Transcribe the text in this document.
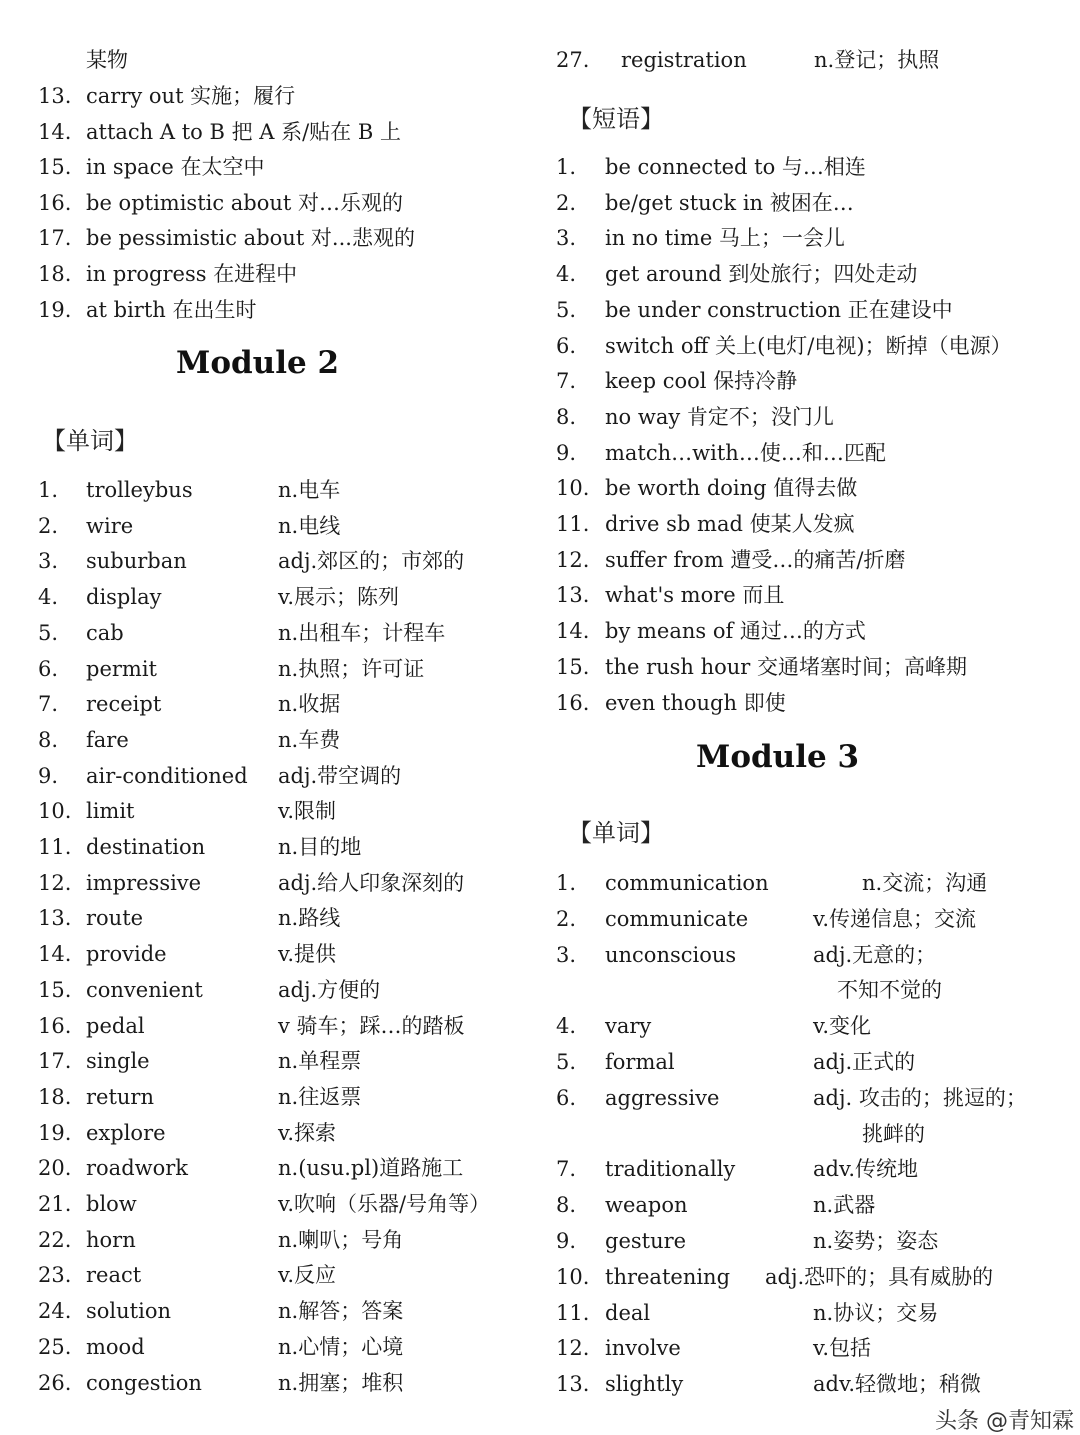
某物
13. carry out 实施；履行
14. attach A to B 把 A 系/贴在 B 上
15. in space 在太空中
16. be optimistic about 对…乐观的
17. be pessimistic about 对...悲观的
18. in progress 在进程中
19. at birth 在出生时
Module 2
【单词】
1. trolleybus	n.电车
2. wire	n.电线
3. suburban	adj.郊区的；市郊的
4. display	v.展示；陈列
5. cab	n.出租车；计程车
6. permit	n.执照；许可证
7. receipt	n.收据
8. fare	n.车费
9. air-conditioned adj.带空调的
10. limit	v.限制
11. destination	n.目的地
12. impressive	adj.给人印象深刻的
13. route	n.路线
14. provide	v.提供
15. convenient	adj.方便的
16. pedal	v 骑车；踩…的踏板
17. single	n.单程票
18. return	n.往返票
19. explore	v.探索
20. roadwork	n.(usu.pl)道路施工
21. blow	v.吹响（乐器/号角等）
22. horn	n.喇叭；号角
23. react	v.反应
24. solution	n.解答；答案
25. mood	n.心情；心境
26. congestion	n.拥塞；堆积
27. registration	n.登记；执照
【短语】
1. be connected to 与…相连
2. be/get stuck in 被困在…
3. in no time 马上；一会儿
4. get around 到处旅行；四处走动
5. be under construction 正在建设中
6. switch off 关上(电灯/电视)；断掉（电源）
7. keep cool 保持冷静
8. no way 肯定不；没门儿
9. match…with…使…和…匹配
10. be worth doing 值得去做
11. drive sb mad 使某人发疯
12. suffer from 遭受…的痛苦/折磨
13. what's more 而且
14. by means of 通过…的方式
15. the rush hour 交通堵塞时间；高峰期
16. even though 即使
Module 3
【单词】
1. communication	n.交流；沟通
2. communicate	v.传递信息；交流
3. unconscious	adj.无意的；
不知不觉的
4. vary	v.变化
5. formal	adj.正式的
6. aggressive	adj. 攻击的；挑逗的；
挑衅的
7. traditionally	adv.传统地
8. weapon	n.武器
9. gesture	n.姿势；姿态
10. threatening adj.恐吓的；具有威胁的
11. deal	n.协议；交易
12. involve	v.包括
13. slightly	adv.轻微地；稍微
头条 @青知霖
